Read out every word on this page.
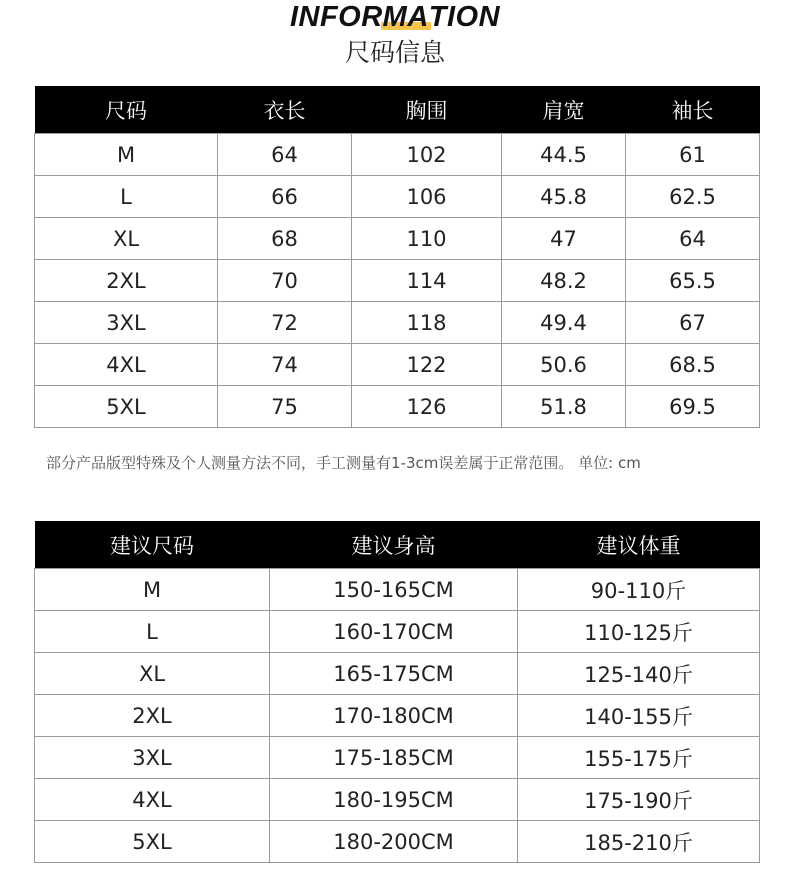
INFORMATION
尺码信息
尺码	衣长	胸围	肩宽	袖长
M	64	102	44.5	61
L	66	106	45.8	62.5
XL	68	110	47	64
2XL	70	114	48.2	65.5
3XL	72	118	49.4	67
4XL	74	122	50.6	68.5
5XL	75	126	51.8	69.5
部分产品版型特殊及个人测量方法不同，手工测量有1-3cm误差属于正常范围。 单位: cm
建议尺码	建议身高	建议体重
M	150-165CM	90-110斤
L	160-170CM	110-125斤
XL	165-175CM	125-140斤
2XL	170-180CM	140-155斤
3XL	175-185CM	155-175斤
4XL	180-195CM	175-190斤
5XL	180-200CM	185-210斤
